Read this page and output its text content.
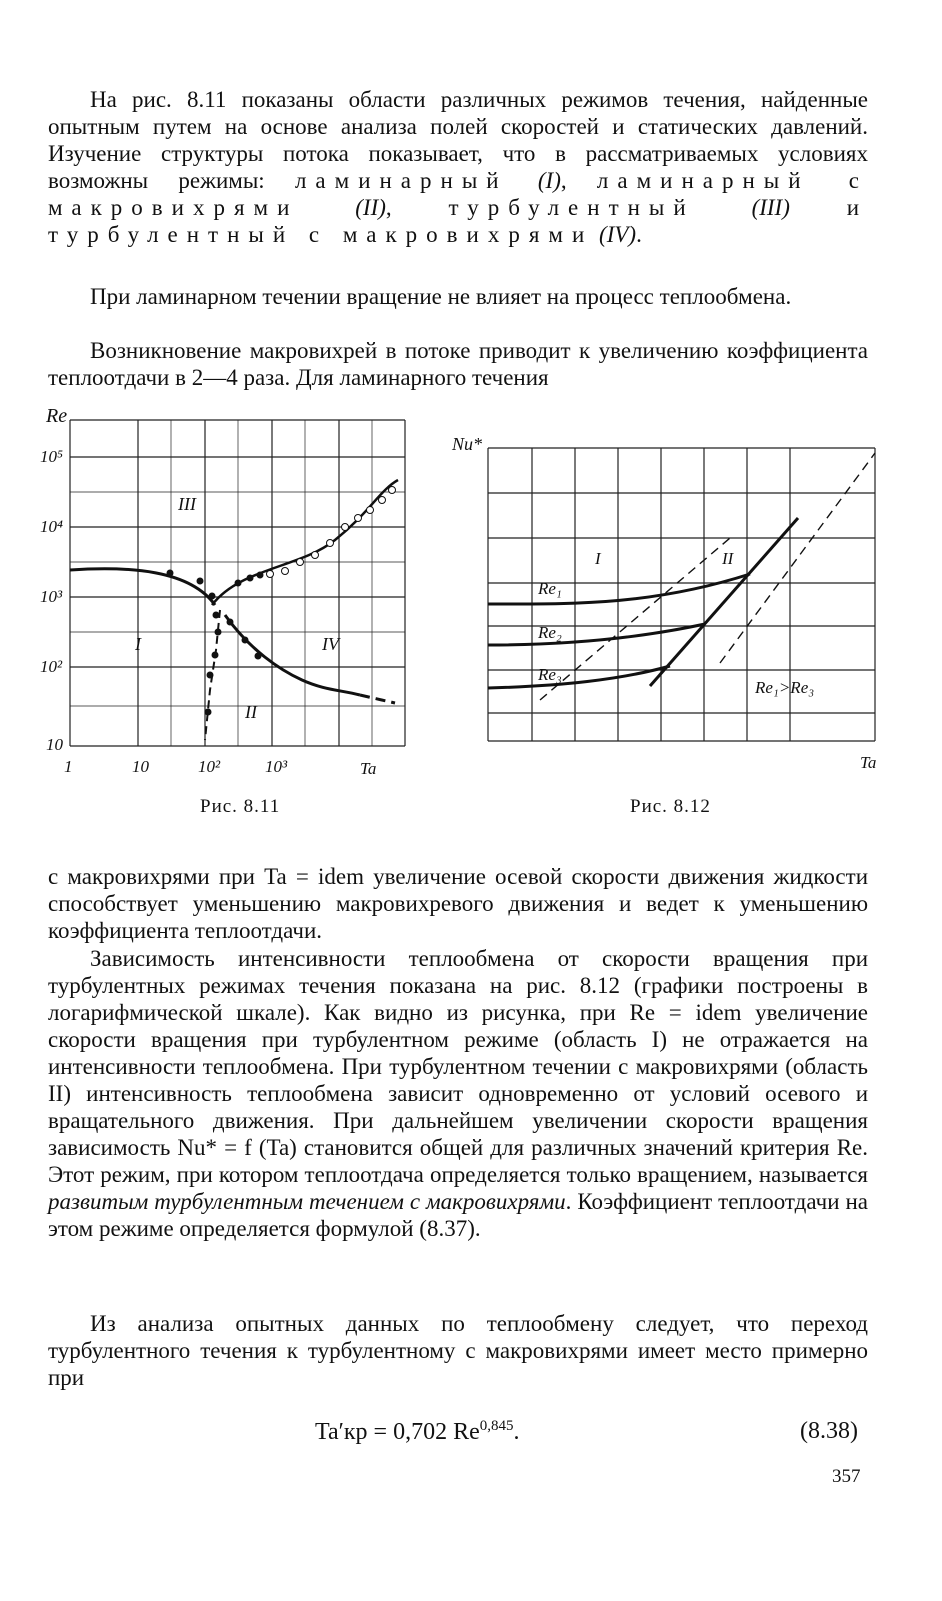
На рис. 8.11 показаны области различных режимов течения, найденные опытным путем на основе анализа полей скоростей и статических давлений. Изучение структуры потока показывает, что в рассматриваемых условиях возможны режимы: ламинарный (I), ламинарный с макровихрями (II), турбулентный (III) и турбулентный с макровихрями (IV).

При ламинарном течении вращение не влияет на процесс теплообмена.

Возникновение макровихрей в потоке приводит к увеличению коэффициента теплоотдачи в 2—4 раза. Для ламинарного течения

Re
III
I	IV
II
10⁵
10⁴
10³
10²
10
1	10	10²	10³	Ta
Рис. 8.11
Nu*
I	II
Re₁
Re₂
Re₃
Re₁>Re₃
Ta
Рис. 8.12

с макровихрями при Ta = idem увеличение осевой скорости движения жидкости способствует уменьшению макровихревого движения и ведет к уменьшению коэффициента теплоотдачи.

Зависимость интенсивности теплообмена от скорости вращения при турбулентных режимах течения показана на рис. 8.12 (графики построены в логарифмической шкале). Как видно из рисунка, при Re = idem увеличение скорости вращения при турбулентном режиме (область I) не отражается на интенсивности теплообмена. При турбулентном течении с макровихрями (область II) интенсивность теплообмена зависит одновременно от условий осевого и вращательного движения. При дальнейшем увеличении скорости вращения зависимость Nu* = f (Ta) становится общей для различных значений критерия Re. Этот режим, при котором теплоотдача определяется только вращением, называется развитым турбулентным течением с макровихрями. Коэффициент теплоотдачи на этом режиме определяется формулой (8.37).

Из анализа опытных данных по теплообмену следует, что переход турбулентного течения к турбулентному с макровихрями имеет место примерно при

Ta′кр = 0,702 Re$^{0,845}$.	(8.38)
357
